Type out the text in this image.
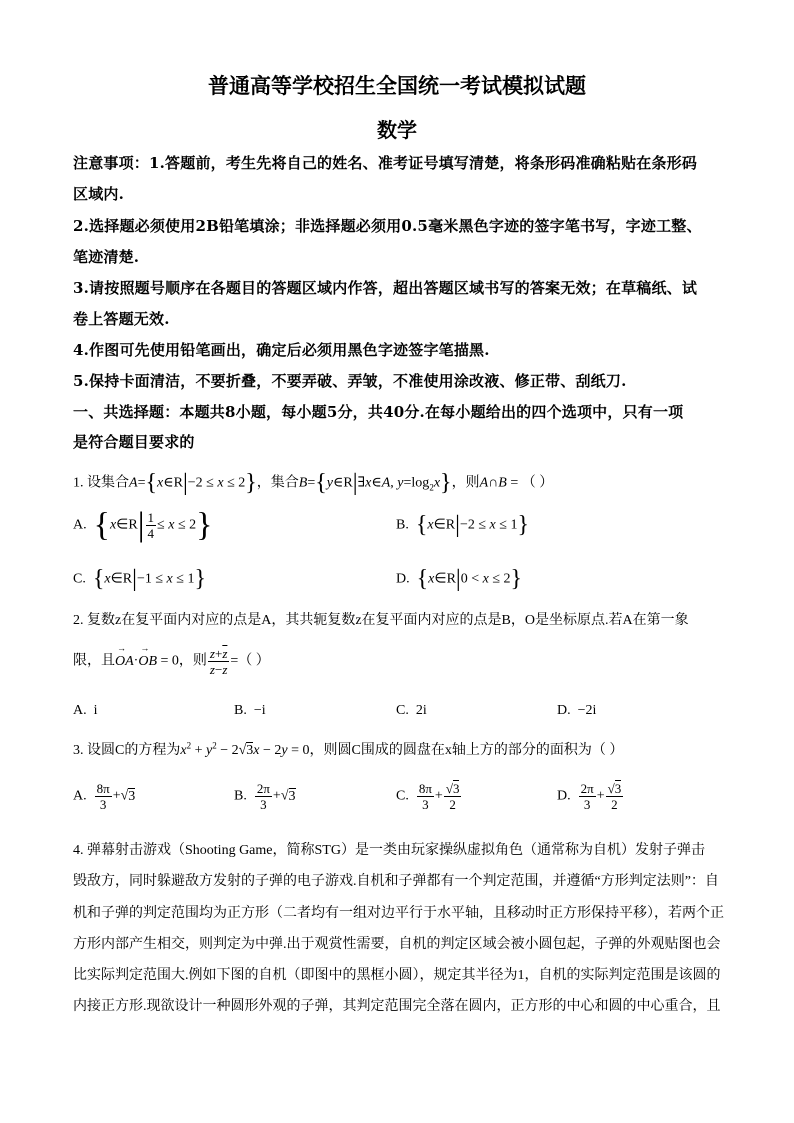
普通高等学校招生全国统一考试模拟试题
数学
注意事项：1.答题前，考生先将自己的姓名、准考证号填写清楚，将条形码准确粘贴在条形码
区域内.
2.选择题必须使用2B铅笔填涂；非选择题必须用0.5毫米黑色字迹的签字笔书写，字迹工整、
笔迹清楚.
3.请按照题号顺序在各题目的答题区域内作答，超出答题区域书写的答案无效；在草稿纸、试
卷上答题无效.
4.作图可先使用铅笔画出，确定后必须用黑色字迹签字笔描黑.
5.保持卡面清洁，不要折叠，不要弄破、弄皱，不准使用涂改液、修正带、刮纸刀.
一、共选择题：本题共8小题，每小题5分，共40分.在每小题给出的四个选项中，只有一项
是符合题目要求的
1. 设集合A={x∈R|−2 ≤ x ≤ 2}，集合B={y∈R|∃x∈A, $y=\log_2x$}，则A∩B = （ ）
A. {x∈R| $\frac{1}{4} \le x \le 2$}	B. {x∈R|−2 ≤ x ≤ 1}
C. {x∈R|−1 ≤ x ≤ 1}	D. {x∈R|0 < x ≤ 2}
2. 复数z在复平面内对应的点是A，其共轭复数z在复平面内对应的点是B，O是坐标原点.若A在第一象
限，且→ OA·→ OB = 0，则 $\frac{z+\overline{z}}{z-\overline{z}}$ =（ ）
A. i	B. −i	C. 2i	D. −2i
3. 设圆C的方程为$x^2 + y^2 - 2√3x - 2y = 0$，则圆C围成的圆盘在x轴上方的部分的面积为（ ）
A. $\frac{8\pi}{3} +√3$	B. $\frac{2\pi}{3} +√3$	C. $\frac{8\pi}{3} + \frac{√3}{2}$	D. $\frac{2\pi}{3} + \frac{√3}{2}$
4. 弹幕射击游戏（Shooting Game，简称STG）是一类由玩家操纵虚拟角色（通常称为自机）发射子弹击
毁敌方，同时躲避敌方发射的子弹的电子游戏.自机和子弹都有一个判定范围，并遵循“方形判定法则”：自
机和子弹的判定范围均为正方形（二者均有一组对边平行于水平轴，且移动时正方形保持平移），若两个正
方形内部产生相交，则判定为中弹.出于观赏性需要，自机的判定区域会被小圆包起，子弹的外观贴图也会
比实际判定范围大.例如下图的自机（即图中的黑框小圆），规定其半径为1，自机的实际判定范围是该圆的
内接正方形.现欲设计一种圆形外观的子弹，其判定范围完全落在圆内，正方形的中心和圆的中心重合，且
